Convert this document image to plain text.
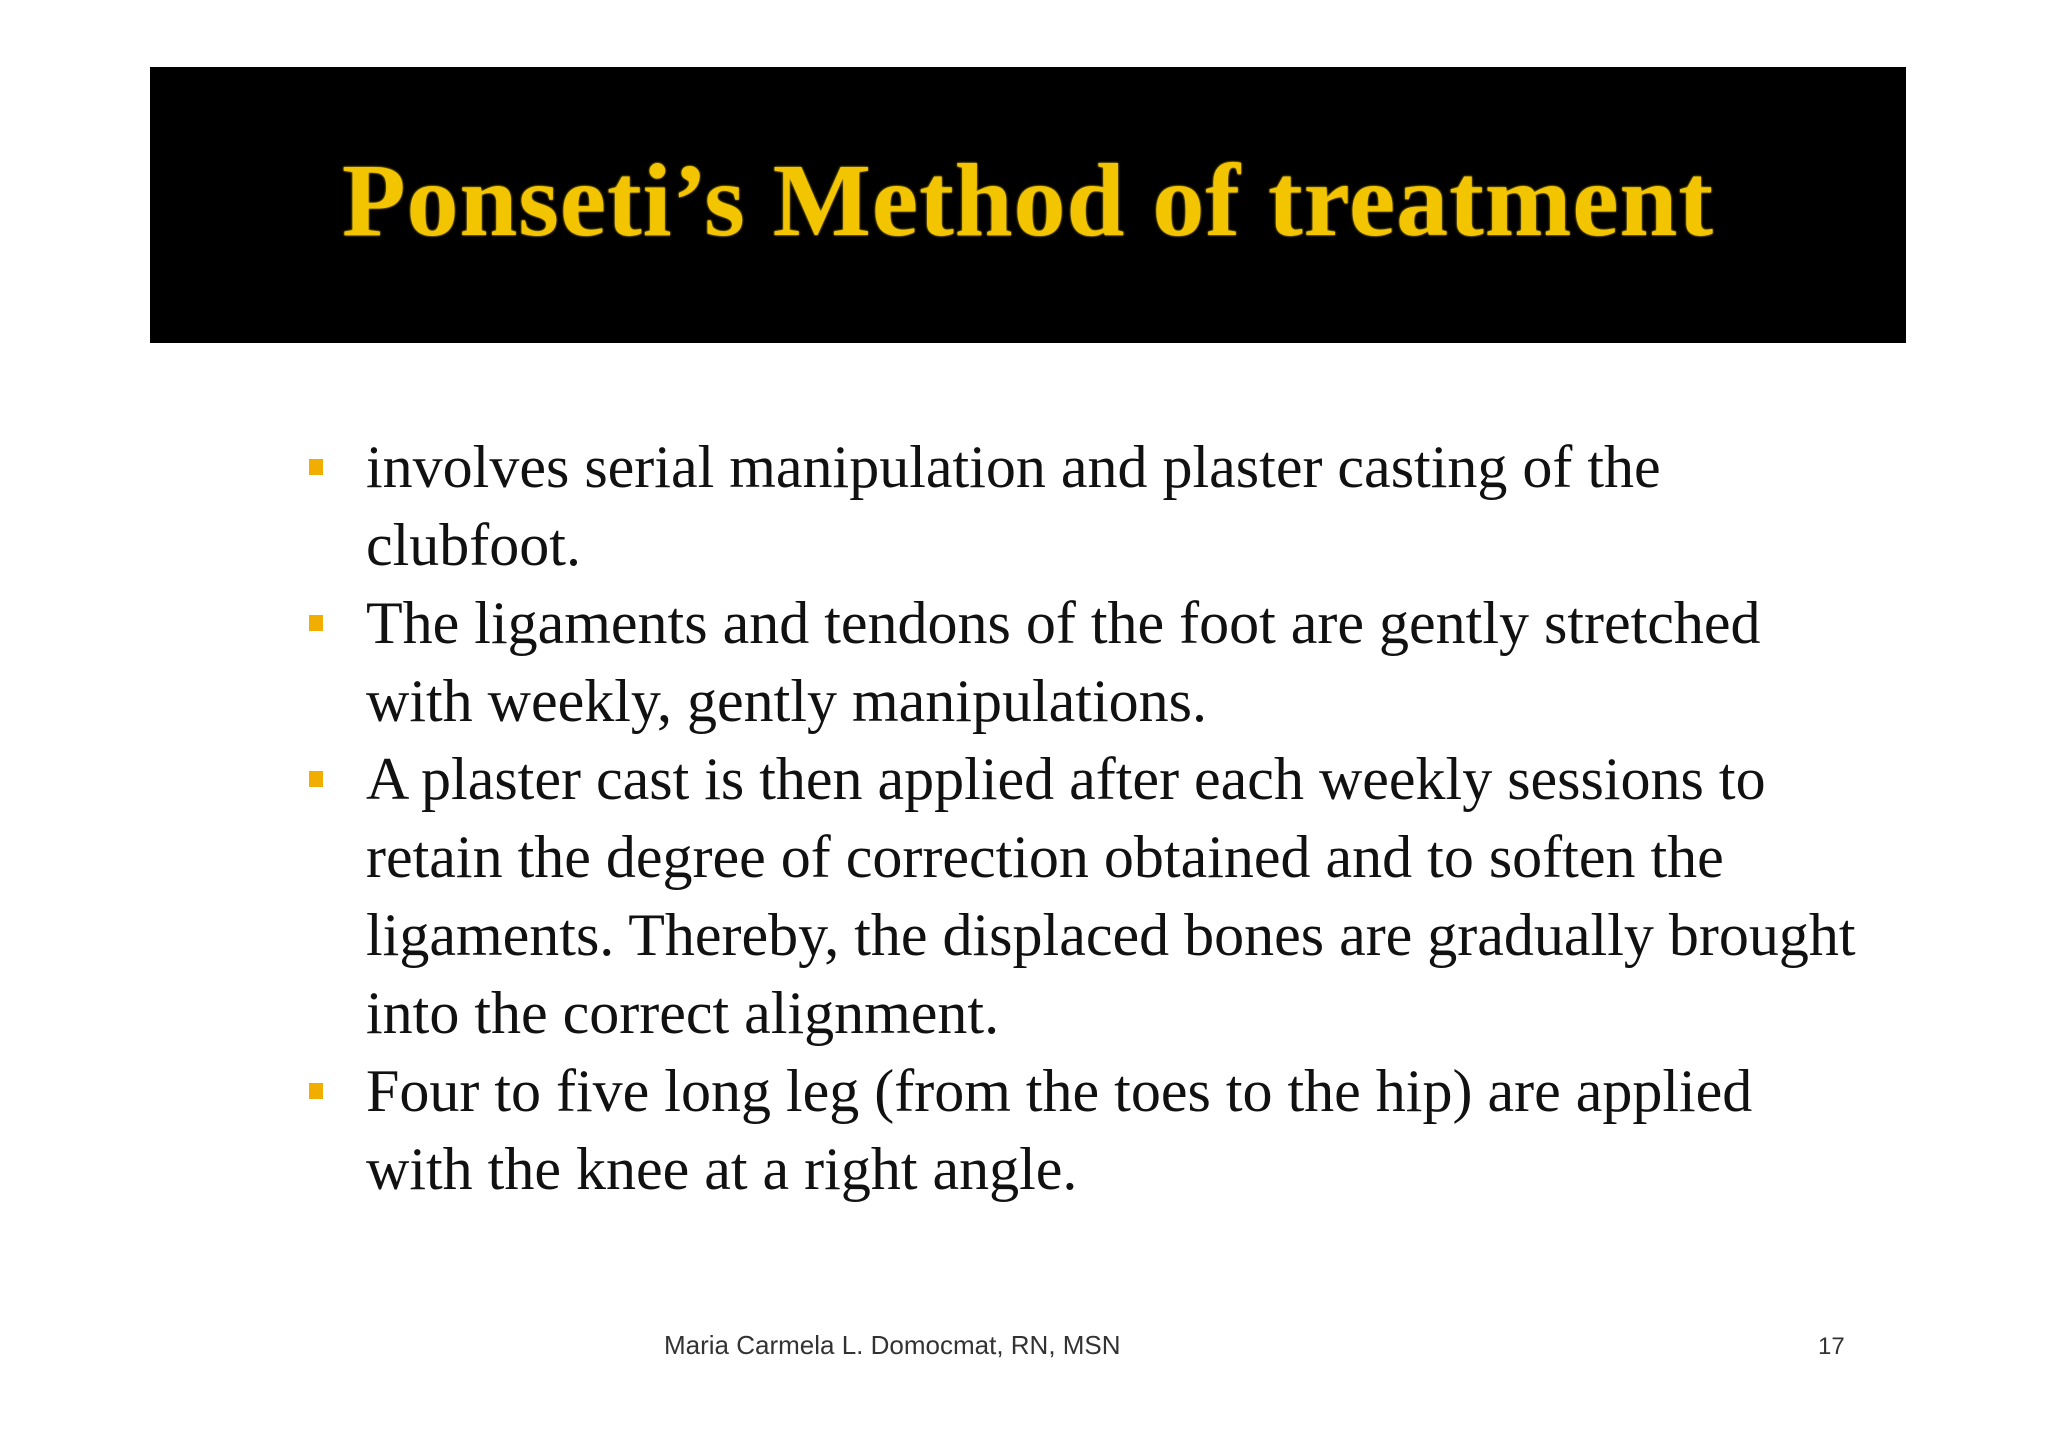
Ponseti’s Method of treatment
involves serial manipulation and plaster casting of the clubfoot.
The ligaments and tendons of the foot are gently stretched with weekly, gently manipulations.
A plaster cast is then applied after each weekly sessions to retain the degree of correction obtained and to soften the ligaments. Thereby, the displaced bones are gradually brought into the correct alignment.
Four to five long leg (from the toes to the hip) are applied with the knee at a right angle.
Maria Carmela L. Domocmat, RN, MSN	17
